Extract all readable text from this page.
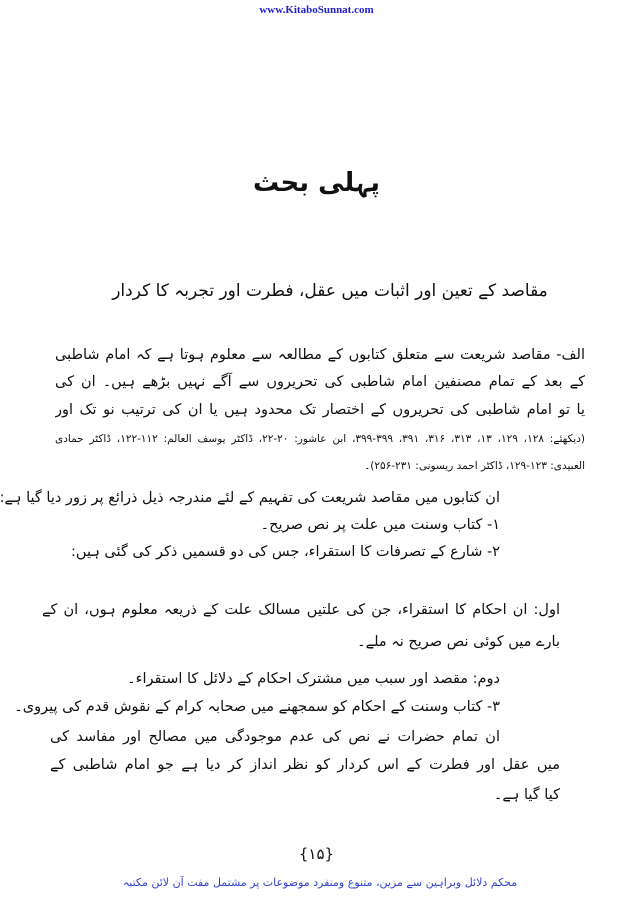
www.KitaboSunnat.com
پہلی بحث
مقاصد کے تعین اور اثبات میں عقل، فطرت اور تجربہ کا کردار
الف- مقاصد شریعت سے متعلق کتابوں کے مطالعہ سے معلوم ہوتا ہے کہ امام شاطبی
کے بعد کے تمام مصنفین امام شاطبی کی تحریروں سے آگے نہیں بڑھے ہیں۔ ان کی
یا تو امام شاطبی کی تحریروں کے اختصار تک محدود ہیں یا ان کی ترتیب نو تک اور
(دیکھئے: ۱۲۸، ۱۲۹، ۱۳، ۳۱۳، ۳۱۶، ۳۹۱، ۳۹۹-۳۹۹، ابن عاشور: ۲۰-۲۲، ڈاکٹر یوسف العالم: ۱۱۲-۱۲۲، ڈاکٹر حمادی
العبیدی: ۱۲۳-۱۲۹، ڈاکٹر احمد ریسونی: ۲۳۱-۲۵۶)۔
ان کتابوں میں مقاصد شریعت کی تفہیم کے لئے مندرجہ ذیل ذرائع پر زور دیا گیا ہے:
۱- کتاب وسنت میں علت پر نص صریح۔
۲- شارع کے تصرفات کا استقراء، جس کی دو قسمیں ذکر کی گئی ہیں:
اول: ان احکام کا استقراء، جن کی علتیں مسالک علت کے ذریعہ معلوم ہوں، ان کے
بارے میں کوئی نص صریح نہ ملے۔
دوم: مقصد اور سبب میں مشترک احکام کے دلائل کا استقراء۔
۳- کتاب وسنت کے احکام کو سمجھنے میں صحابہ کرام کے نقوش قدم کی پیروی۔
ان تمام حضرات نے نص کی عدم موجودگی میں مصالح اور مفاسد کی
میں عقل اور فطرت کے اس کردار کو نظر انداز کر دیا ہے جو امام شاطبی کے
کیا گیا ہے۔
{۱۵}
محکم دلائل وبراہین سے مزین، متنوع ومنفرد موضوعات پر مشتمل مفت آن لائن مکتبہ
